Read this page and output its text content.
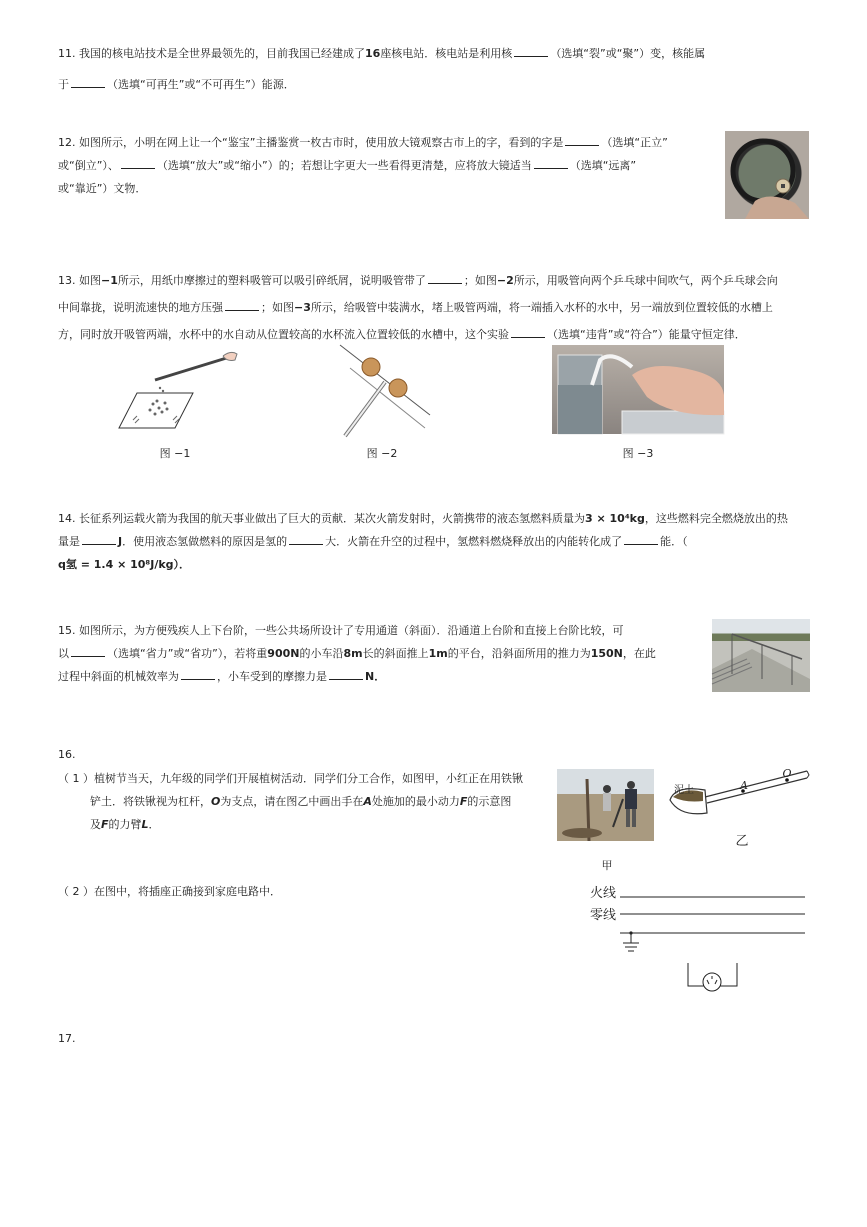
11. 我国的核电站技术是全世界最领先的，目前我国已经建成了16座核电站．核电站是利用核	（选填“裂”或“聚”）变，核能属
于	（选填“可再生”或“不可再生”）能源．
12. 如图所示，小明在网上让一个“鉴宝”主播鉴赏一枚古市时，使用放大镜观察古市上的字，看到的字是	（选填“正立”
或“倒立”）、	（选填“放大”或“缩小”）的；若想让字更大一些看得更清楚，应将放大镜适当	（选填“远离”
或“靠近”）文物．
13. 如图−1所示，用纸巾摩擦过的塑料吸管可以吸引碎纸屑，说明吸管带了	；如图−2所示，用吸管向两个乒乓球中间吹气，两个乒乓球会向
中间靠拢，说明流速快的地方压强	；如图−3所示，给吸管中装满水，堵上吸管两端，将一端插入水杯的水中，另一端放到位置较低的水槽上
方，同时放开吸管两端，水杯中的水自动从位置较高的水杯流入位置较低的水槽中，这个实验	（选填“违背”或“符合”）能量守恒定律．
图 −1	图 −2	图 −3
14. 长征系列运载火箭为我国的航天事业做出了巨大的贡献．某次火箭发射时，火箭携带的液态氢燃料质量为3 × 10⁴kg，这些燃料完全燃烧放出的热
量是	J．使用液态氢做燃料的原因是氢的	大．火箭在升空的过程中，氢燃料燃烧释放出的内能转化成了	能．（
q氢 = 1.4 × 10⁸J/kg）．
15. 如图所示，为方便残疾人上下台阶，一些公共场所设计了专用通道（斜面）．沿通道上台阶和直接上台阶比较，可
以	（选填“省力”或“省功”），若将重900N的小车沿8m长的斜面推上1m的平台，沿斜面所用的推力为150N，在此
过程中斜面的机械效率为	，小车受到的摩擦力是	N．
16.
（ 1 ）植树节当天，九年级的同学们开展植树活动．同学们分工合作，如图甲，小红正在用铁锹
铲土．将铁锹视为杠杆，O为支点，请在图乙中画出手在A处施加的最小动力F的示意图
及F的力臂L．
甲
泥土	A
O
乙
（ 2 ）在图中，将插座正确接到家庭电路中．	火线
零线
17.
